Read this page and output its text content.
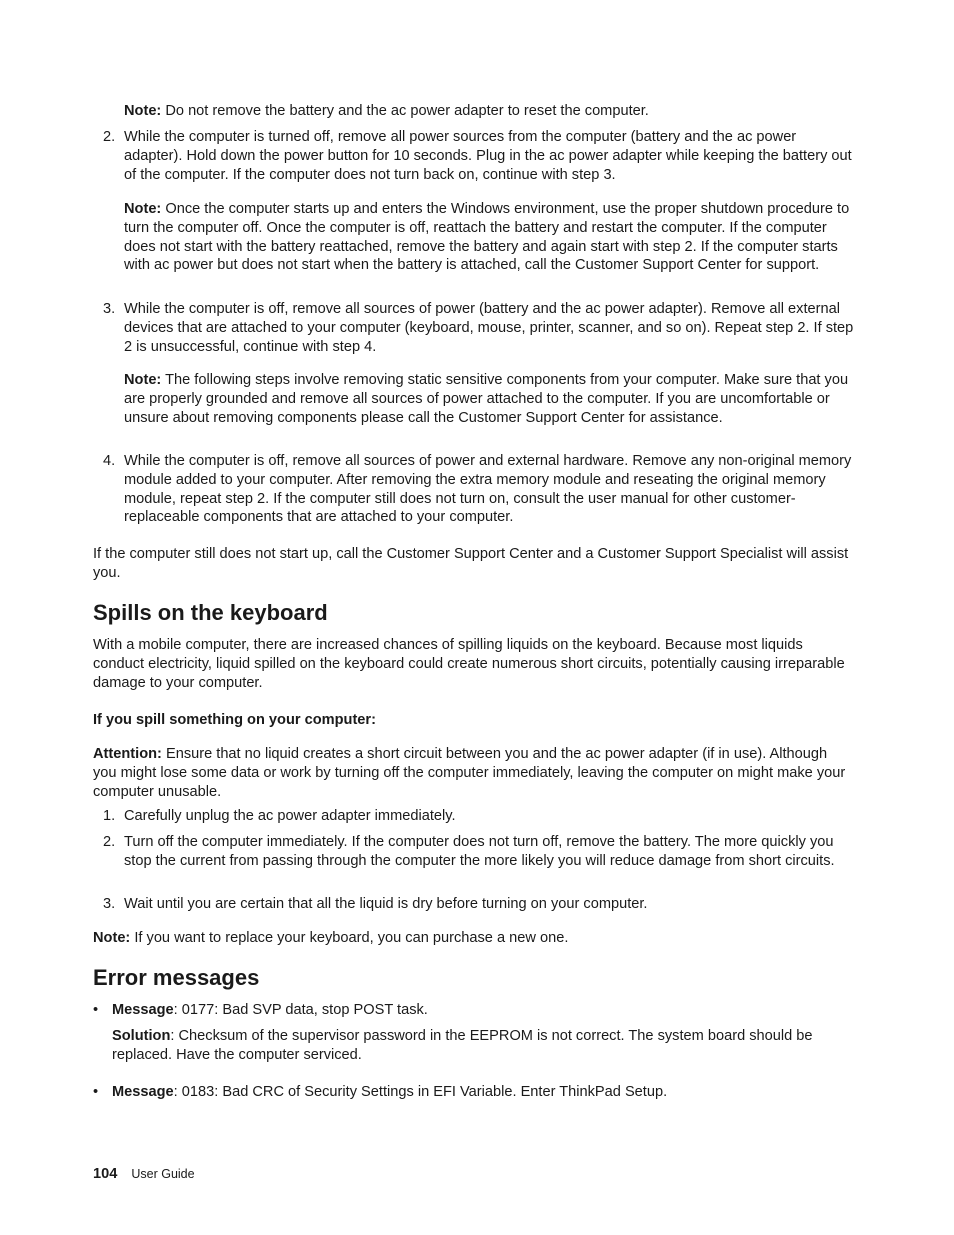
Note: Do not remove the battery and the ac power adapter to reset the computer.

2. While the computer is turned off, remove all power sources from the computer (battery and the ac power adapter). Hold down the power button for 10 seconds. Plug in the ac power adapter while keeping the battery out of the computer. If the computer does not turn back on, continue with step 3.

Note: Once the computer starts up and enters the Windows environment, use the proper shutdown procedure to turn the computer off. Once the computer is off, reattach the battery and restart the computer. If the computer does not start with the battery reattached, remove the battery and again start with step 2. If the computer starts with ac power but does not start when the battery is attached, call the Customer Support Center for support.

3. While the computer is off, remove all sources of power (battery and the ac power adapter). Remove all external devices that are attached to your computer (keyboard, mouse, printer, scanner, and so on). Repeat step 2. If step 2 is unsuccessful, continue with step 4.

Note: The following steps involve removing static sensitive components from your computer. Make sure that you are properly grounded and remove all sources of power attached to the computer. If you are uncomfortable or unsure about removing components please call the Customer Support Center for assistance.

4. While the computer is off, remove all sources of power and external hardware. Remove any non-original memory module added to your computer. After removing the extra memory module and reseating the original memory module, repeat step 2. If the computer still does not turn on, consult the user manual for other customer-replaceable components that are attached to your computer.

If the computer still does not start up, call the Customer Support Center and a Customer Support Specialist will assist you.

Spills on the keyboard

With a mobile computer, there are increased chances of spilling liquids on the keyboard. Because most liquids conduct electricity, liquid spilled on the keyboard could create numerous short circuits, potentially causing irreparable damage to your computer.

If you spill something on your computer:

Attention: Ensure that no liquid creates a short circuit between you and the ac power adapter (if in use). Although you might lose some data or work by turning off the computer immediately, leaving the computer on might make your computer unusable.

1. Carefully unplug the ac power adapter immediately.
2. Turn off the computer immediately. If the computer does not turn off, remove the battery. The more quickly you stop the current from passing through the computer the more likely you will reduce damage from short circuits.
3. Wait until you are certain that all the liquid is dry before turning on your computer.

Note: If you want to replace your keyboard, you can purchase a new one.

Error messages
• Message: 0177: Bad SVP data, stop POST task.

Solution: Checksum of the supervisor password in the EEPROM is not correct. The system board should be replaced. Have the computer serviced.

• Message: 0183: Bad CRC of Security Settings in EFI Variable. Enter ThinkPad Setup.
104 User Guide
